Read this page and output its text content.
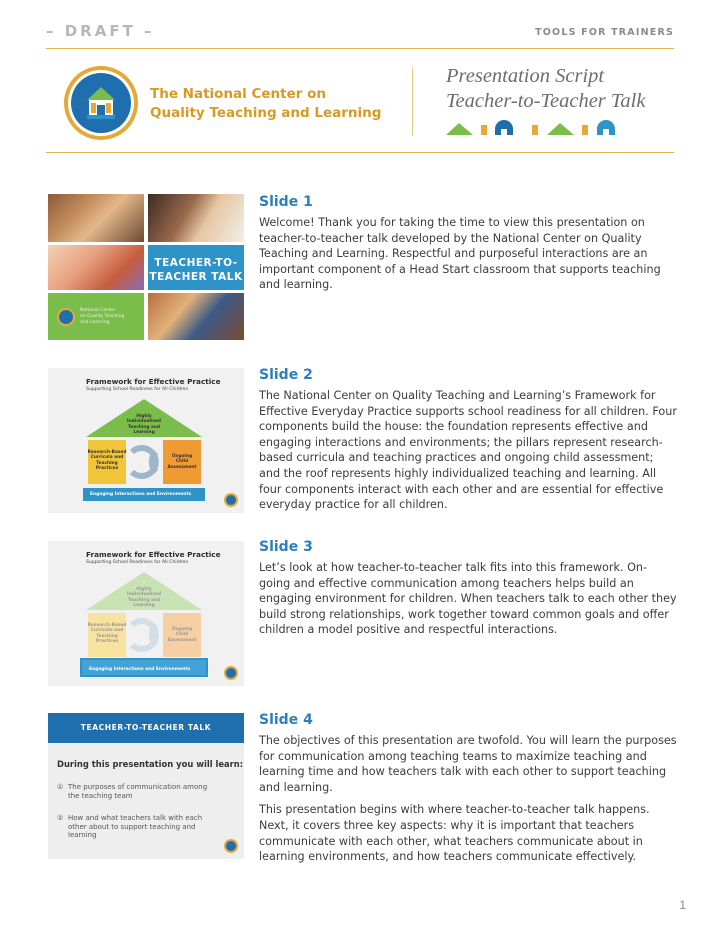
– DRAFT –	TOOLS FOR TRAINERS
The National Center on
Quality Teaching and Learning
Presentation Script
Teacher-to-Teacher Talk
TEACHER-TO-
TEACHER TALK
National Center
on Quality Teaching
and Learning
Slide 1

Welcome! Thank you for taking the time to view this presentation on teacher-to-teacher talk developed by the National Center on Quality Teaching and Learning. Respectful and purposeful interactions are an important component of a Head Start classroom that supports teaching and learning.

Framework for Effective Practice
Supporting School Readiness for All Children
Highly
Individualized
Teaching and Learning
Research-Based
Curricula and
Teaching Practices
Ongoing
Child Assessment
Engaging Interactions and Environments
Slide 2

The National Center on Quality Teaching and Learning’s Framework for Effective Everyday Practice supports school readiness for all children. Four components build the house: the foundation represents effective and engaging interactions and environments; the pillars represent research-based curricula and teaching practices and ongoing child assessment; and the roof represents highly individualized teaching and learning. All four components interact with each other and are essential for effective everyday practice for all children.

Framework for Effective Practice
Supporting School Readiness for All Children
Highly
Individualized
Teaching and Learning
Research-Based
Curricula and
Teaching Practices
Ongoing
Child Assessment
Engaging Interactions and Environments
Slide 3

Let’s look at how teacher-to-teacher talk fits into this framework. On-going and effective communication among teachers helps build an engaging environment for children. When teachers talk to each other they build strong relationships, work together toward common goals and offer children a model positive and respectful interactions.

TEACHER-TO-TEACHER TALK
During this presentation you will learn:
① The purposes of communication among
the teaching team
② How and what teachers talk with each
other about to support teaching and
learning
Slide 4

The objectives of this presentation are twofold. You will learn the purposes for communication among teaching teams to maximize teaching and learning time and how teachers talk with each other to support teaching and learning.

This presentation begins with where teacher-to-teacher talk happens. Next, it covers three key aspects: why it is important that teachers communicate with each other, what teachers communicate about in learning environments, and how teachers communicate effectively.

1
